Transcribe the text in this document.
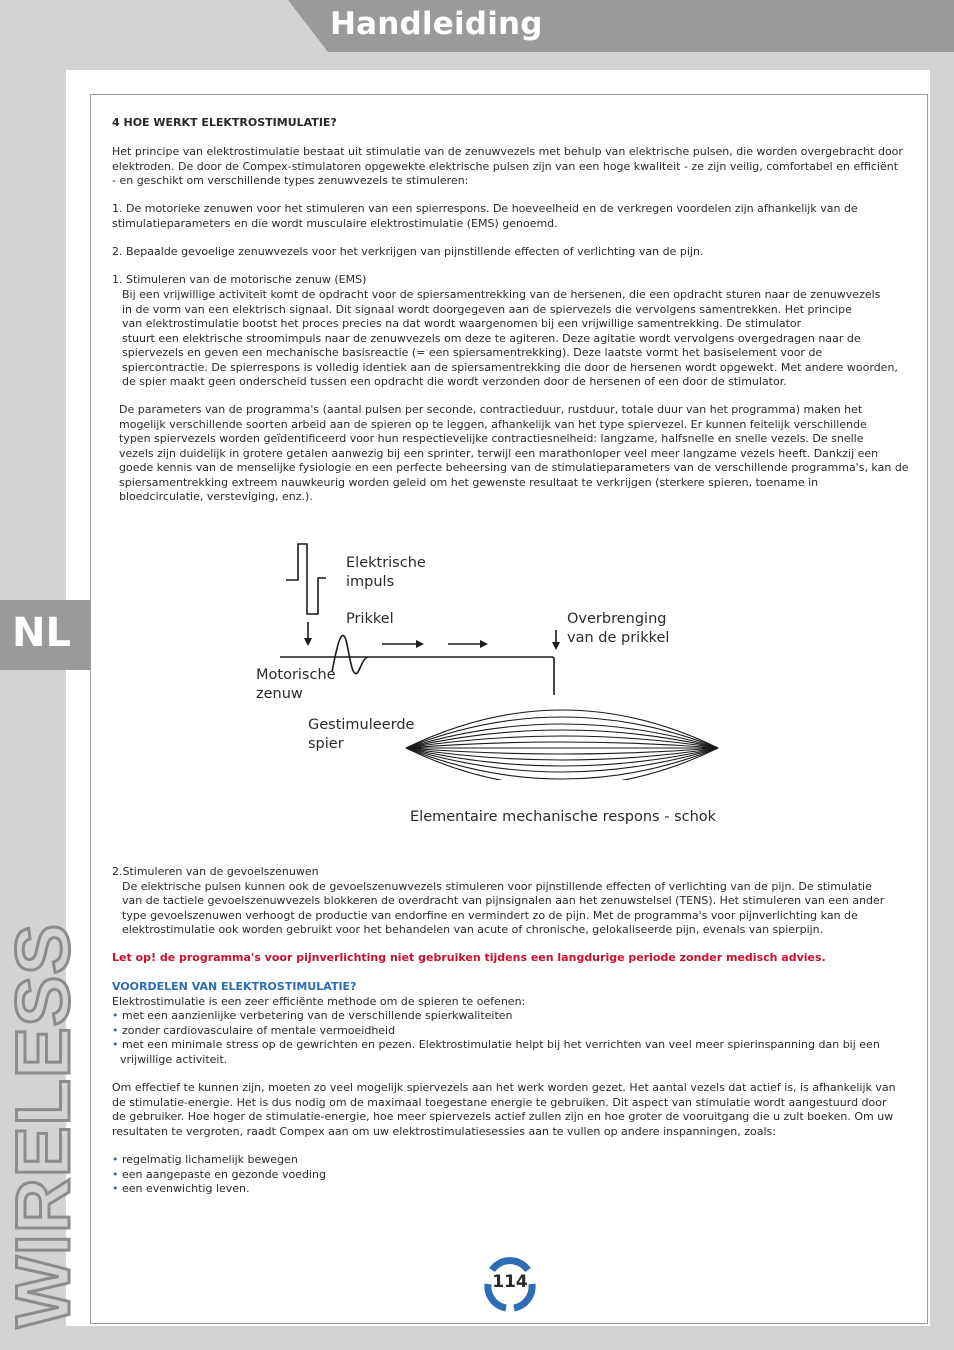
Handleiding
NL
WIRELESS

4 HOE WERKT ELEKTROSTIMULATIE?

Het principe van elektrostimulatie bestaat uit stimulatie van de zenuwvezels met behulp van elektrische pulsen, die worden overgebracht door

elektroden. De door de Compex-stimulatoren opgewekte elektrische pulsen zijn van een hoge kwaliteit - ze zijn veilig, comfortabel en efficiënt

- en geschikt om verschillende types zenuwvezels te stimuleren:

1. De motorieke zenuwen voor het stimuleren van een spierrespons. De hoeveelheid en de verkregen voordelen zijn afhankelijk van de

stimulatieparameters en die wordt musculaire elektrostimulatie (EMS) genoemd.

2. Bepaalde gevoelige zenuwvezels voor het verkrijgen van pijnstillende effecten of verlichting van de pijn.

1. Stimuleren van de motorische zenuw (EMS)

Bij een vrijwillige activiteit komt de opdracht voor de spiersamentrekking van de hersenen, die een opdracht sturen naar de zenuwvezels

in de vorm van een elektrisch signaal. Dit signaal wordt doorgegeven aan de spiervezels die vervolgens samentrekken. Het principe

van elektrostimulatie bootst het proces precies na dat wordt waargenomen bij een vrijwillige samentrekking. De stimulator

stuurt een elektrische stroomimpuls naar de zenuwvezels om deze te agiteren. Deze agitatie wordt vervolgens overgedragen naar de

spiervezels en geven een mechanische basisreactie (= een spiersamentrekking). Deze laatste vormt het basiselement voor de

spiercontractie. De spierrespons is volledig identiek aan de spiersamentrekking die door de hersenen wordt opgewekt. Met andere woorden,

de spier maakt geen onderscheid tussen een opdracht die wordt verzonden door de hersenen of een door de stimulator.

De parameters van de programma's (aantal pulsen per seconde, contractieduur, rustduur, totale duur van het programma) maken het

mogelijk verschillende soorten arbeid aan de spieren op te leggen, afhankelijk van het type spiervezel. Er kunnen feitelijk verschillende

typen spiervezels worden geïdentificeerd voor hun respectievelijke contractiesnelheid: langzame, halfsnelle en snelle vezels. De snelle

vezels zijn duidelijk in grotere getalen aanwezig bij een sprinter, terwijl een marathonloper veel meer langzame vezels heeft. Dankzij een

goede kennis van de menselijke fysiologie en een perfecte beheersing van de stimulatieparameters van de verschillende programma's, kan de

spiersamentrekking extreem nauwkeurig worden geleid om het gewenste resultaat te verkrijgen (sterkere spieren, toename in

bloedcirculatie, versteviging, enz.).

Elektrische
impuls
Prikkel	Overbrenging
van de prikkel
Motorische
zenuw
Gestimuleerde
spier
Elementaire mechanische respons - schok

2.Stimuleren van de gevoelszenuwen

De elektrische pulsen kunnen ook de gevoelszenuwvezels stimuleren voor pijnstillende effecten of verlichting van de pijn. De stimulatie

van de tactiele gevoelszenuwvezels blokkeren de overdracht van pijnsignalen aan het zenuwstelsel (TENS). Het stimuleren van een ander

type gevoelszenuwen verhoogt de productie van endorfine en vermindert zo de pijn. Met de programma's voor pijnverlichting kan de

elektrostimulatie ook worden gebruikt voor het behandelen van acute of chronische, gelokaliseerde pijn, evenals van spierpijn.

Let op! de programma's voor pijnverlichting niet gebruiken tijdens een langdurige periode zonder medisch advies.

VOORDELEN VAN ELEKTROSTIMULATIE?

Elektrostimulatie is een zeer efficiënte methode om de spieren te oefenen:

• met een aanzienlijke verbetering van de verschillende spierkwaliteiten

• zonder cardiovasculaire of mentale vermoeidheid

• met een minimale stress op de gewrichten en pezen. Elektrostimulatie helpt bij het verrichten van veel meer spierinspanning dan bij een

vrijwillige activiteit.

Om effectief te kunnen zijn, moeten zo veel mogelijk spiervezels aan het werk worden gezet. Het aantal vezels dat actief is, is afhankelijk van

de stimulatie-energie. Het is dus nodig om de maximaal toegestane energie te gebruiken. Dit aspect van stimulatie wordt aangestuurd door

de gebruiker. Hoe hoger de stimulatie-energie, hoe meer spiervezels actief zullen zijn en hoe groter de vooruitgang die u zult boeken. Om uw

resultaten te vergroten, raadt Compex aan om uw elektrostimulatiesessies aan te vullen op andere inspanningen, zoals:

• regelmatig lichamelijk bewegen

• een aangepaste en gezonde voeding

• een evenwichtig leven.

114
